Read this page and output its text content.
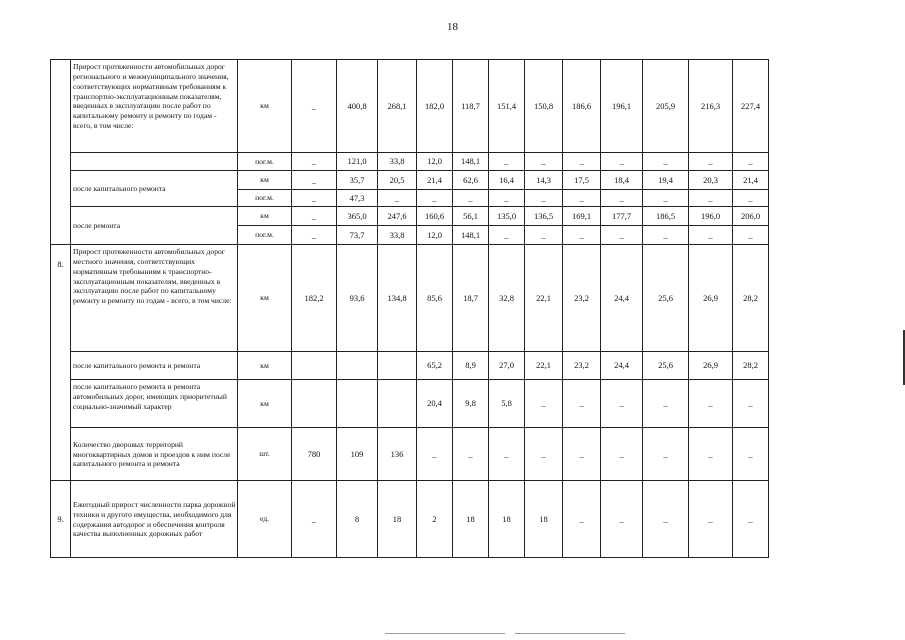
18
	Прирост протяженности автомобильных дорог регионального и межмуниципального значения, соответствующих нормативным требованиям к транспортно-эксплуатационным показателям, введенных в эксплуатацию после работ по капитальному ремонту и ремонту по годам - всего, в том числе:	км	_	400,8	268,1	182,0	118,7	151,4	150,8	186,6	196,1	205,9	216,3	227,4
		пог.м.	_	121,0	33,8	12,0	148,1	_	_	_	_	_	_	_
	после капитального ремонта	км	_	35,7	20,5	21,4	62,6	16,4	14,3	17,5	18,4	19,4	20,3	21,4
		пог.м.	_	47,3	_	_	_	_	_	_	_	_	_	_
	после ремонта	км	_	365,0	247,6	160,6	56,1	135,0	136,5	169,1	177,7	186,5	196,0	206,0
		пог.м.	_	73,7	33,8	12,0	148,1	_	_	_	_	_	_	_
8.	Прирост протяженности автомобильных дорог местного значения, соответствующих нормативным требованиям к транспортно-эксплуатационным показателям, введенных в эксплуатацию после работ по капитальному ремонту и ремонту по годам - всего, в том числе:	км	182,2	93,6	134,8	85,6	18,7	32,8	22,1	23,2	24,4	25,6	26,9	28,2
	после капитального ремонта и ремонта	км				65,2	8,9	27,0	22,1	23,2	24,4	25,6	26,9	28,2
	после капитального ремонта и ремонта автомобильных дорог, имеющих приоритетный социально-значимый характер	км				20,4	9,8	5,8	_	_	_	_	_	_
	Количество дворовых территорий многоквартирных домов и проездов к ним после капитального ремонта и ремонта	шт.	780	109	136	_	_	_	_	_	_	_	_	_
9.	Ежегодный прирост численности парка дорожной техники и другого имущества, необходимого для содержания автодорог и обеспечения контроля качества выполненных дорожных работ	ед.	_	8	18	2	18	18	18	_	_	_	_	_
